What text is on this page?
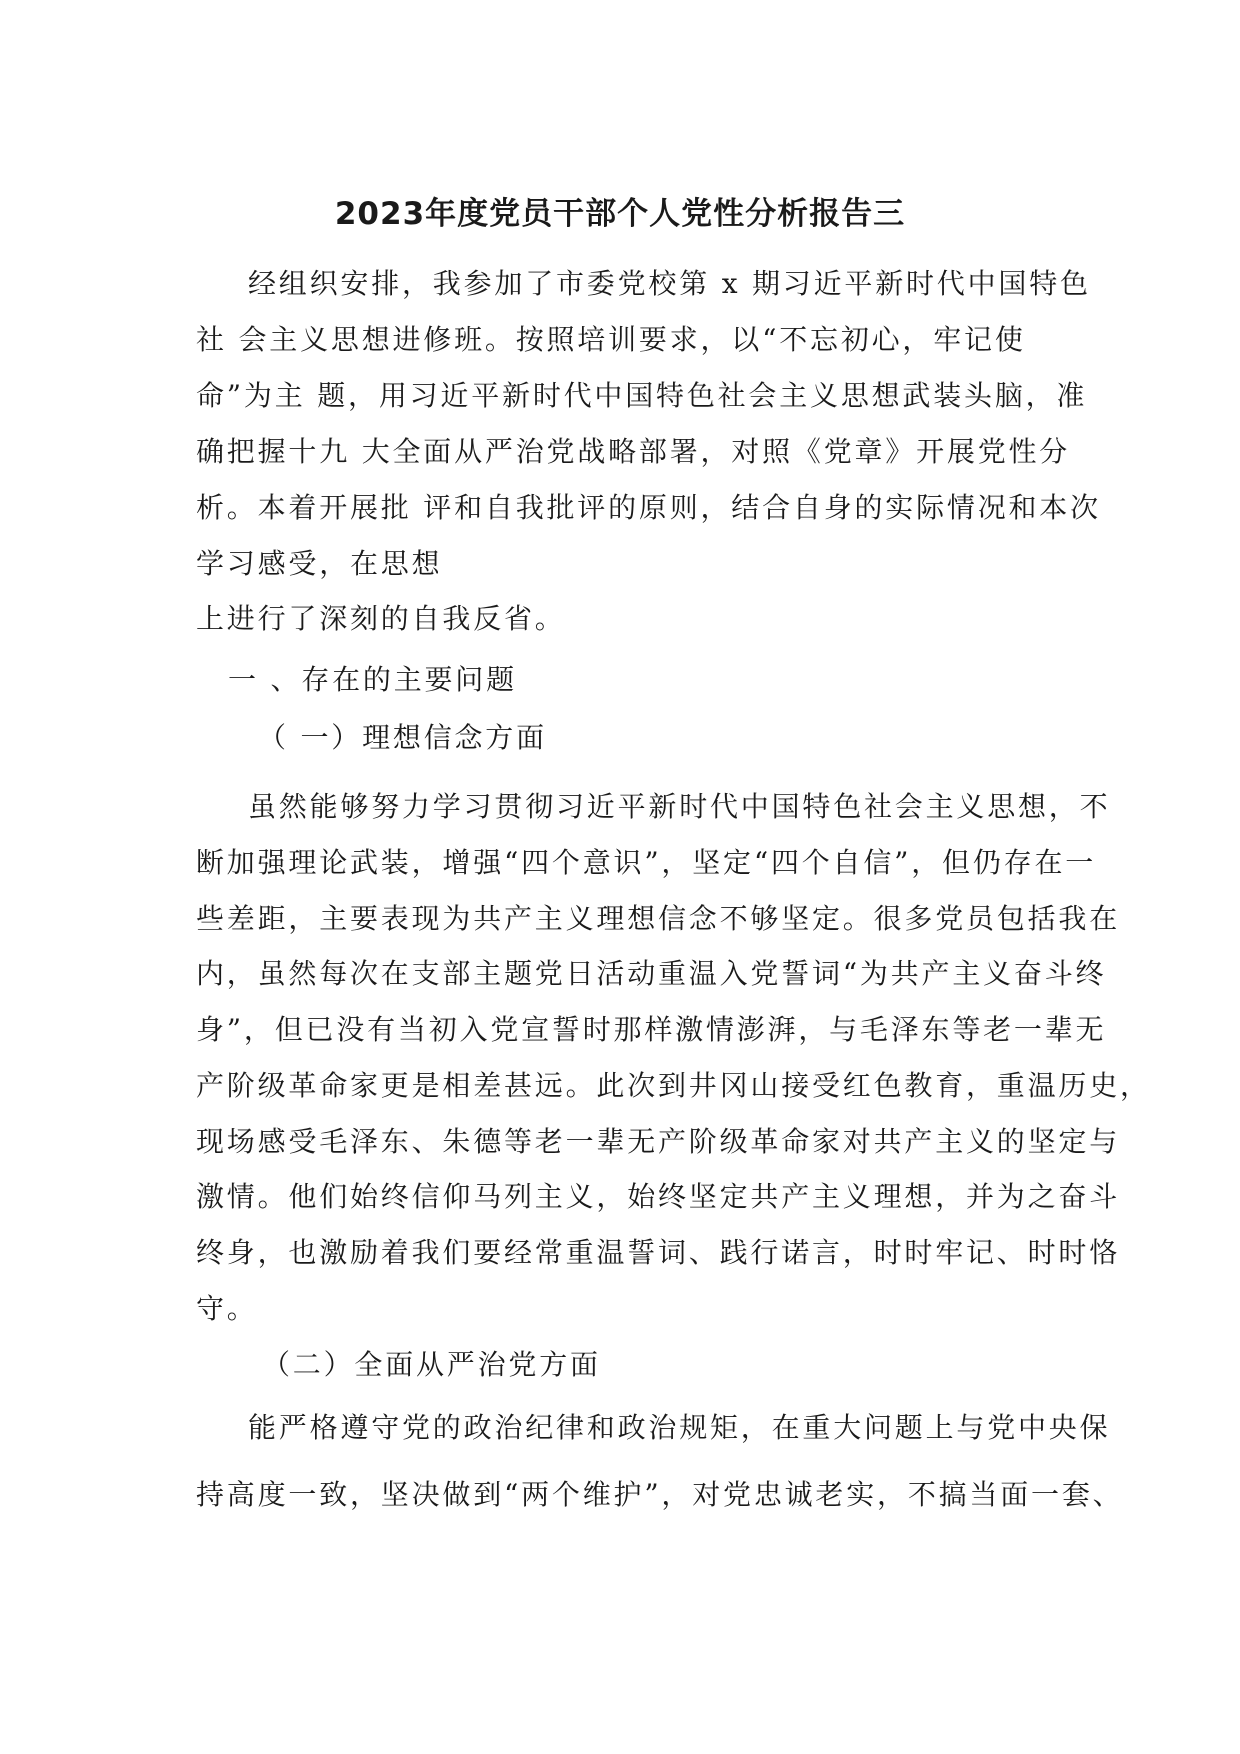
2023年度党员干部个人党性分析报告三
经组织安排，我参加了市委党校第 x 期习近平新时代中国特色
社 会主义思想进修班。按照培训要求，以“不忘初心，牢记使
命”为主 题，用习近平新时代中国特色社会主义思想武装头脑，准
确把握十九 大全面从严治党战略部署，对照《党章》开展党性分
析。本着开展批 评和自我批评的原则，结合自身的实际情况和本次
学习感受，在思想
上进行了深刻的自我反省。
一 、存在的主要问题
（ 一）理想信念方面
虽然能够努力学习贯彻习近平新时代中国特色社会主义思想，不
断加强理论武装，增强“四个意识”，坚定“四个自信”，但仍存在一
些差距，主要表现为共产主义理想信念不够坚定。很多党员包括我在
内，虽然每次在支部主题党日活动重温入党誓词“为共产主义奋斗终
身”，但已没有当初入党宣誓时那样激情澎湃，与毛泽东等老一辈无
产阶级革命家更是相差甚远。此次到井冈山接受红色教育，重温历史，
现场感受毛泽东、朱德等老一辈无产阶级革命家对共产主义的坚定与
激情。他们始终信仰马列主义，始终坚定共产主义理想，并为之奋斗
终身，也激励着我们要经常重温誓词、践行诺言，时时牢记、时时恪
守。
（二）全面从严治党方面
能严格遵守党的政治纪律和政治规矩，在重大问题上与党中央保
持高度一致，坚决做到“两个维护”，对党忠诚老实，不搞当面一套、
